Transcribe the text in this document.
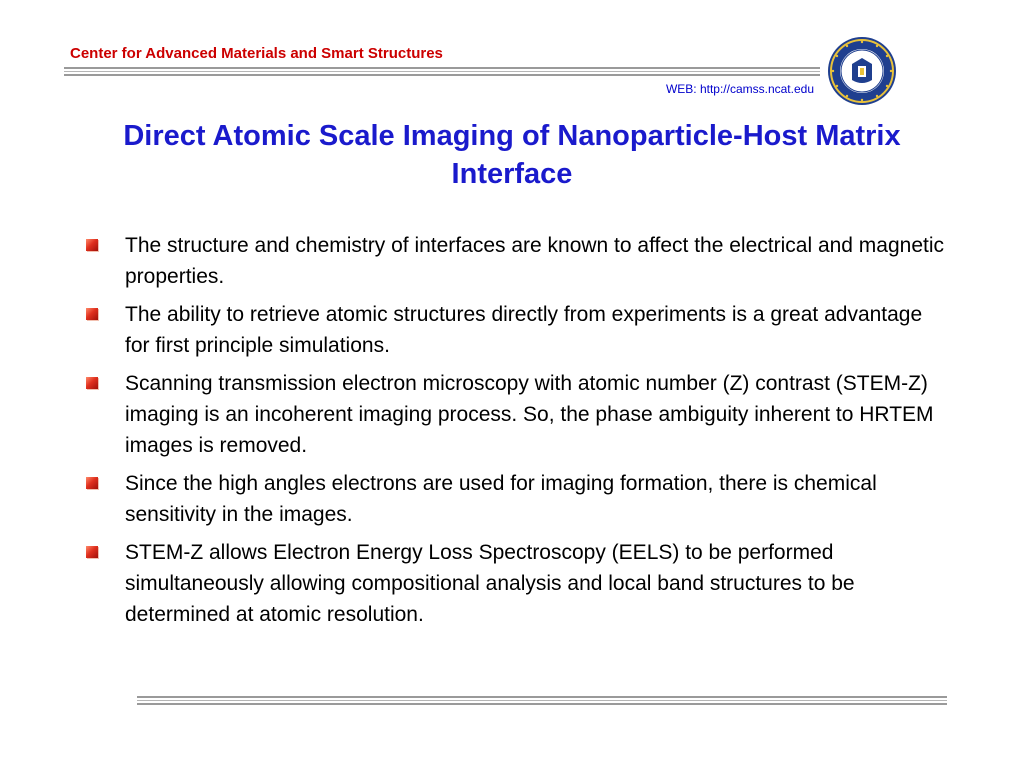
Center for Advanced Materials and Smart Structures
WEB: http://camss.ncat.edu
Direct Atomic Scale Imaging of Nanoparticle-Host Matrix Interface
The structure and chemistry of interfaces are known to affect the electrical and magnetic properties.
The ability to retrieve atomic structures directly from experiments is a great advantage for first principle simulations.
Scanning transmission electron microscopy with atomic number (Z) contrast (STEM-Z) imaging is an incoherent imaging process. So, the phase ambiguity inherent to HRTEM images is removed.
Since the high angles electrons are used for imaging formation, there is chemical sensitivity in the images.
STEM-Z allows Electron Energy Loss Spectroscopy (EELS) to be performed simultaneously allowing compositional analysis and local band structures to be determined at atomic resolution.
